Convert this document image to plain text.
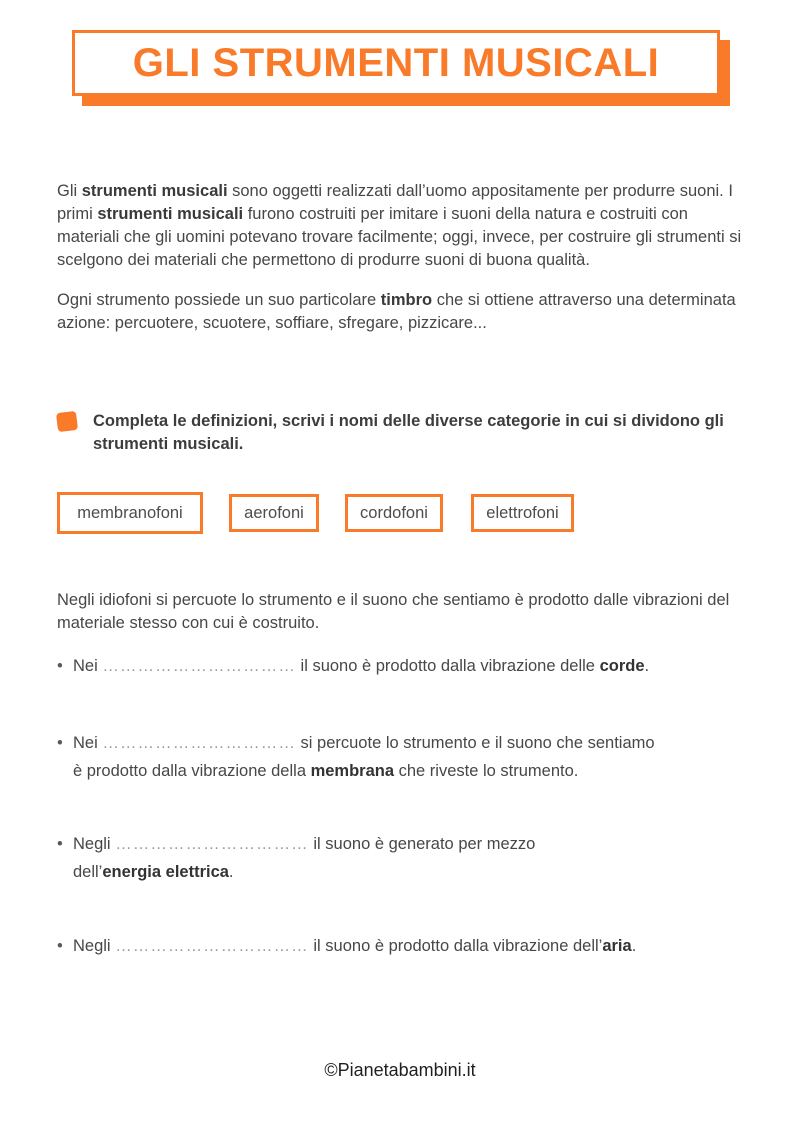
GLI STRUMENTI MUSICALI

Gli strumenti musicali sono oggetti realizzati dall’uomo appositamente per produrre suoni. I primi strumenti musicali furono costruiti per imitare i suoni della natura e costruiti con materiali che gli uomini potevano trovare facilmente; oggi, invece, per costruire gli strumenti si scelgono dei materiali che permettono di produrre suoni di buona qualità.

Ogni strumento possiede un suo particolare timbro che si ottiene attraverso una determinata azione: percuotere, scuotere, soffiare, sfregare, pizzicare...

Completa le definizioni, scrivi i nomi delle diverse categorie in cui si dividono gli strumenti musicali.
membranofoni	aerofoni	cordofoni	elettrofoni

Negli idiofoni si percuote lo strumento e il suono che sentiamo è prodotto dalle vibrazioni del materiale stesso con cui è costruito.

• Nei …………………………… il suono è prodotto dalla vibrazione delle corde.
• Nei …………………………… si percuote lo strumento e il suono che sentiamo
è prodotto dalla vibrazione della membrana che riveste lo strumento.
• Negli …………………………… il suono è generato per mezzo
dell’energia elettrica.
• Negli …………………………… il suono è prodotto dalla vibrazione dell’aria.
©Pianetabambini.it
